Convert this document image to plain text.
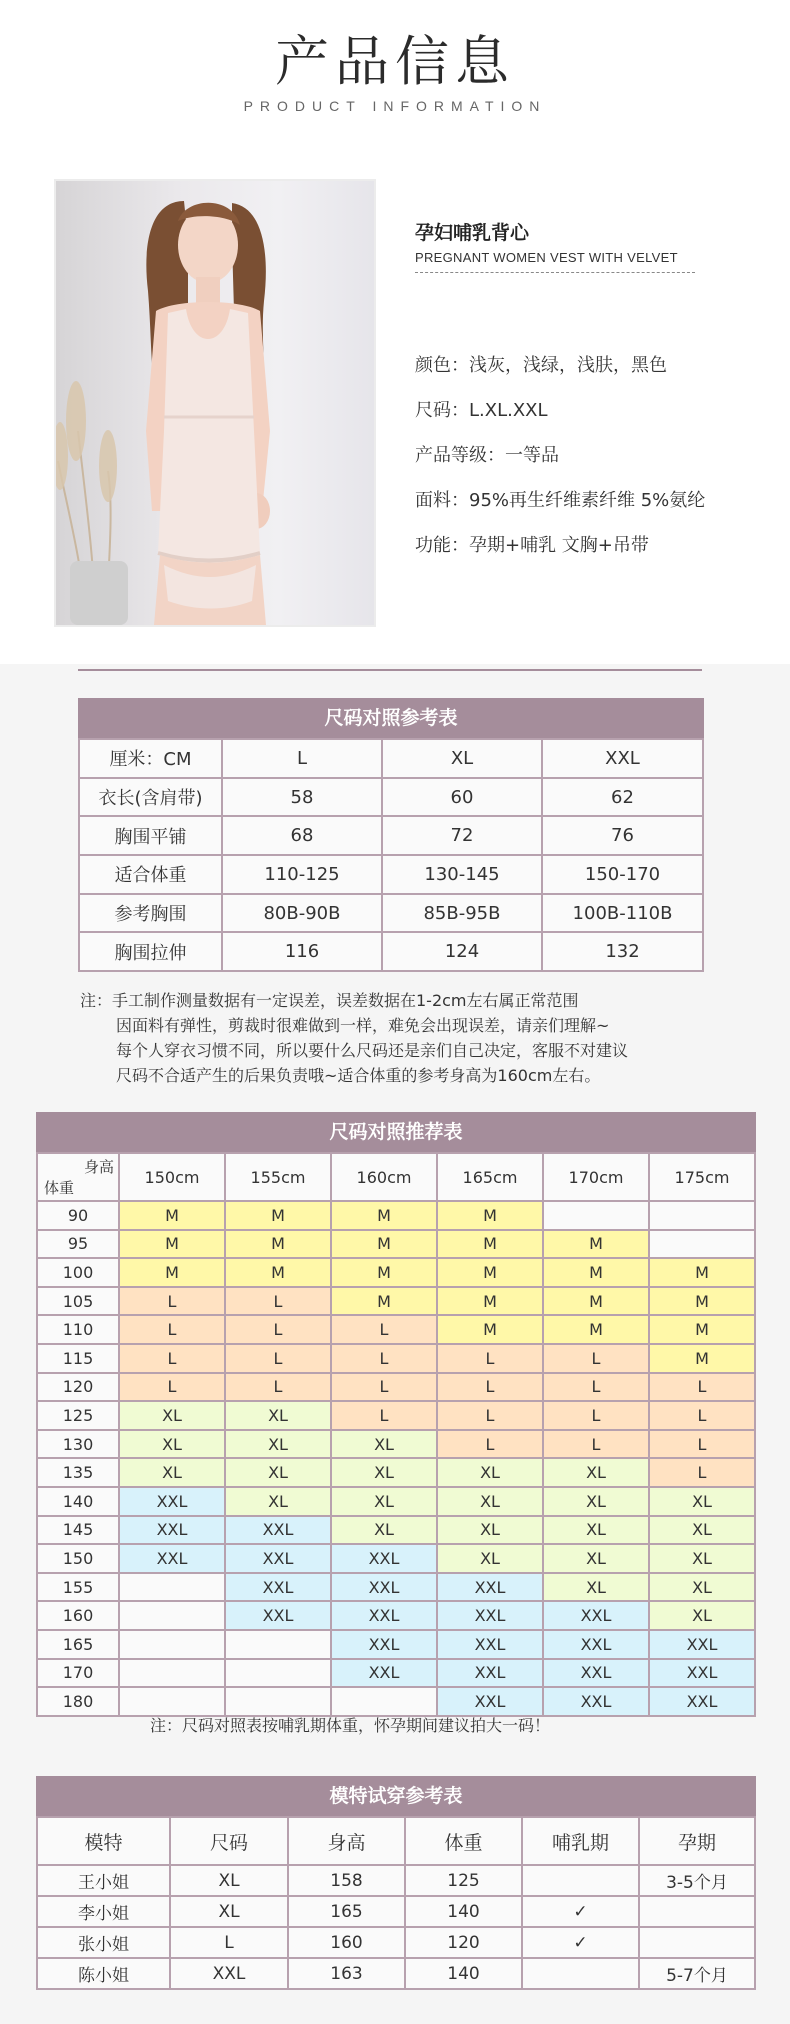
产品信息
PRODUCT INFORMATION
孕妇哺乳背心
PREGNANT WOMEN VEST WITH VELVET
颜色：浅灰，浅绿，浅肤，黑色
尺码：L.XL.XXL
产品等级：一等品
面料：95%再生纤维素纤维 5%氨纶
功能：孕期+哺乳 文胸+吊带
尺码对照参考表
厘米：CM	L	XL	XXL
衣长(含肩带)	58	60	62
胸围平铺	68	72	76
适合体重	110-125	130-145	150-170
参考胸围	80B-90B	85B-95B	100B-110B
胸围拉伸	116	124	132
注：手工制作测量数据有一定误差，误差数据在1-2cm左右属正常范围
因面料有弹性，剪裁时很难做到一样，难免会出现误差，请亲们理解~
每个人穿衣习惯不同，所以要什么尺码还是亲们自己决定，客服不对建议
尺码不合适产生的后果负责哦~适合体重的参考身高为160cm左右。
尺码对照推荐表
身高
体重	150cm	155cm	160cm	165cm	170cm	175cm
90	M	M	M	M		
95	M	M	M	M	M	
100	M	M	M	M	M	M
105	L	L	M	M	M	M
110	L	L	L	M	M	M
115	L	L	L	L	L	M
120	L	L	L	L	L	L
125	XL	XL	L	L	L	L
130	XL	XL	XL	L	L	L
135	XL	XL	XL	XL	XL	L
140	XXL	XL	XL	XL	XL	XL
145	XXL	XXL	XL	XL	XL	XL
150	XXL	XXL	XXL	XL	XL	XL
155		XXL	XXL	XXL	XL	XL
160		XXL	XXL	XXL	XXL	XL
165			XXL	XXL	XXL	XXL
170			XXL	XXL	XXL	XXL
180				XXL	XXL	XXL
注：尺码对照表按哺乳期体重，怀孕期间建议拍大一码！
模特试穿参考表
模特	尺码	身高	体重	哺乳期	孕期
王小姐	XL	158	125		3-5个月
李小姐	XL	165	140	✓	
张小姐	L	160	120	✓	
陈小姐	XXL	163	140		5-7个月
